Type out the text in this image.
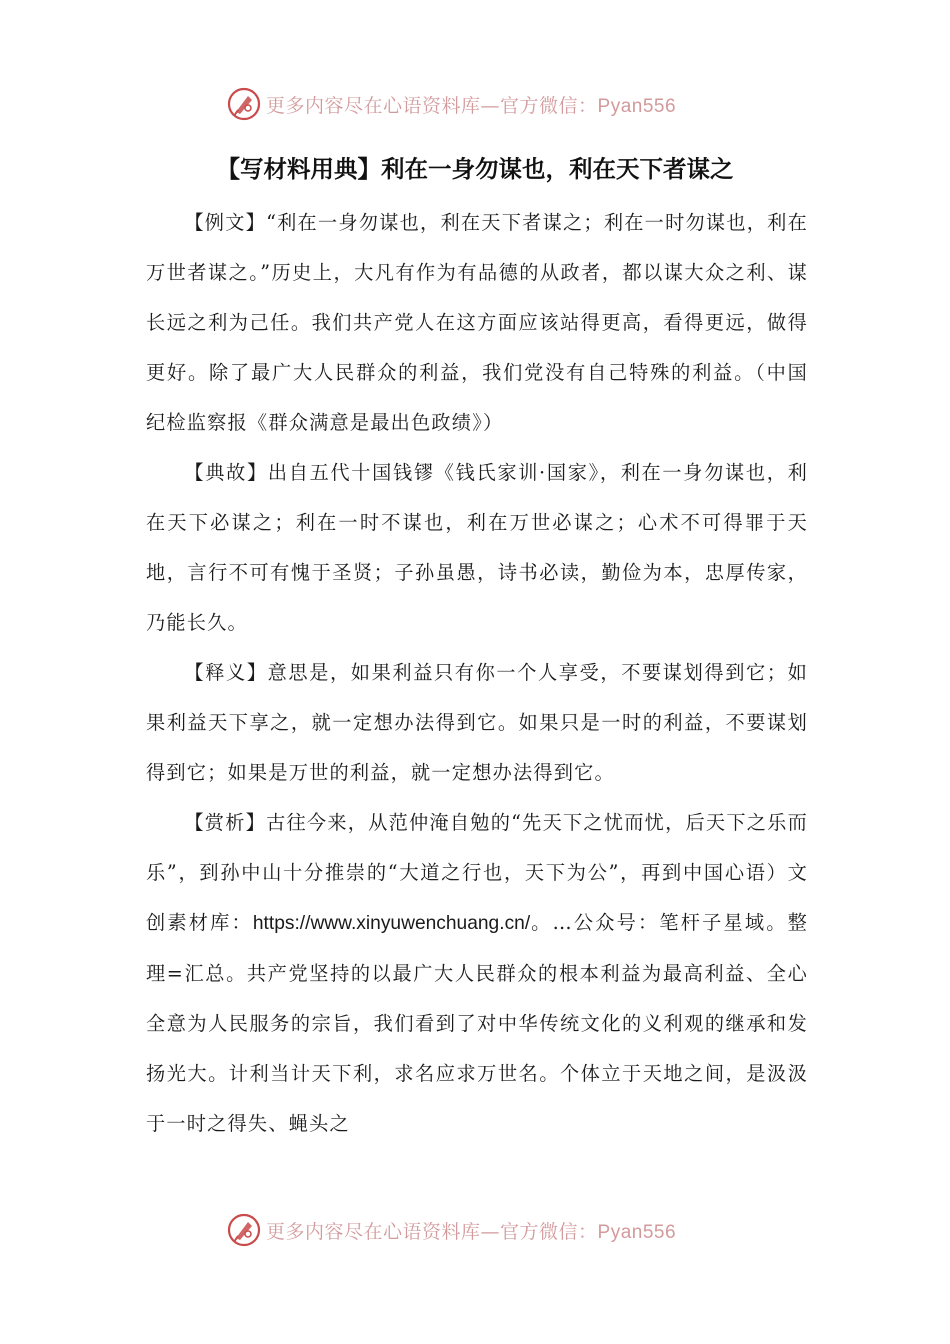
更多内容尽在心语资料库—官方微信：Pyan556
【写材料用典】利在一身勿谋也，利在天下者谋之

【例文】“利在一身勿谋也，利在天下者谋之；利在一时勿谋也，利在万世者谋之。”历史上，大凡有作为有品德的从政者，都以谋大众之利、谋长远之利为己任。我们共产党人在这方面应该站得更高，看得更远，做得更好。除了最广大人民群众的利益，我们党没有自己特殊的利益。（中国纪检监察报《群众满意是最出色政绩》）

【典故】出自五代十国钱镠《钱氏家训·国家》，利在一身勿谋也，利在天下必谋之；利在一时不谋也，利在万世必谋之；心术不可得罪于天地，言行不可有愧于圣贤；子孙虽愚，诗书必读，勤俭为本，忠厚传家，乃能长久。

【释义】意思是，如果利益只有你一个人享受，不要谋划得到它；如果利益天下享之，就一定想办法得到它。如果只是一时的利益，不要谋划得到它；如果是万世的利益，就一定想办法得到它。

【赏析】古往今来，从范仲淹自勉的“先天下之忧而忧，后天下之乐而乐”，到孙中山十分推崇的“大道之行也，天下为公”，再到中国心语）文创素材库：https://www.xinyuwenchuang.cn/。…公众号：笔杆子星域。整理=汇总。共产党坚持的以最广大人民群众的根本利益为最高利益、全心全意为人民服务的宗旨，我们看到了对中华传统文化的义利观的继承和发扬光大。计利当计天下利，求名应求万世名。个体立于天地之间，是汲汲于一时之得失、蝇头之

更多内容尽在心语资料库—官方微信：Pyan556
